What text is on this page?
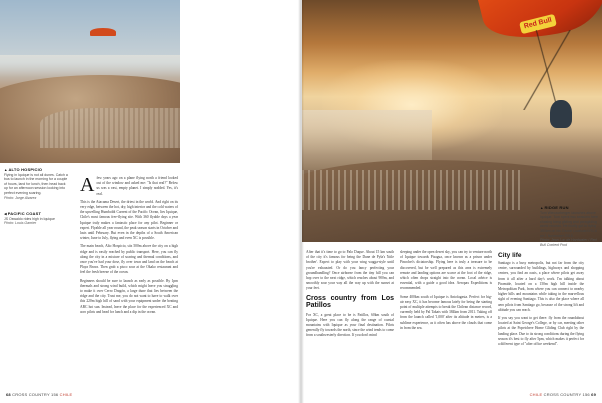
▲ ALTO HOSPICIO
Flying in Iquique is not all dunes. Catch a bus to launch in the morning for a couple of hours, land for lunch, then head back up for an afternoon session looking into perfect evening soaring.
Photo: Jorge Alvarez
◀ PACIFIC COAST
JS Oswaldo rides high in Iquique
Photo: Louis Garnier

Afew years ago on a plane flying north a friend looked out of the window and asked me: "Is that real?" Below us was a vast, empty planet. I simply nodded. Yes, it's real.

This is the Atacama Desert, the driest in the world. And right on its very edge, between the hot, dry, high interior and the cold waters of the upwelling Humboldt Current of the Pacific Ocean, lies Iquique, Chile's most famous free-flying site. With 360 flyable days a year Iquique truly makes a fantastic place for any pilot. Beginner or expert. Flyable all year round, the peak season starts in October and lasts until February. But even in the depths of a South American winter, June to July, flying and even XC is possible.

The main beach, Alto Hospicio, sits 500m above the city on a high ridge and is easily reached by public transport. Here, you can fly along the city in a mixture of soaring and thermal conditions, and once you've had your dose, fly over town and land on the beach at Playa Brava. Then grab a pisco sour at the Okako restaurant and feel the fresh breeze of the ocean.

Beginners should be sure to launch as early as possible. By 1pm thermals and strong wind build, which might leave you struggling to make it over Cerro Dragón, a large dune that lies between the ridge and the city. Trust me, you do not want to have to walk over this 220m high hill of sand with your equipment under the beating ABC hot sun. Instead, leave the place for the experienced XC and acro pilots and head for lunch and a dip in the ocean.

Red Bull

After that it's time to go to Palo Duque. About 15 km south of the city it's famous for being the Dune de Pyla's 'little brother'. Expect to play with your wing wagga-style until you're exhausted. Or do you fancy perfecting your groundhandling? Once airborne from the tiny hill you can hop over to the next ridge, which reaches about 900m, and smoothly soar your way all the way up with the sunset at your feet.

Cross country from Los Patillos

For XC, a great place to be is Patillos, 60km south of Iquique. Here you can fly along the range of coastal mountains with Iquique as your final destination. Pilots generally fly towards the north, since the wind tends to come from a southwesterly direction. If you don't mind

sleeping under the open desert sky, you can try to venture north of Iquique towards Pisagua, once known as a prison under Pinochet's dictatorship. Flying here is truly a treasure to be discovered, but be well prepared as this area is extremely remote and landing options are scarce at the foot of the ridge, which often drops straight into the ocean. Local advice is essential, with a guide a good idea. Aeropax Expeditions is recommended.

Some 400km south of Iquique is Antofagasta. Perfect for big-air easy XC, it has become famous lately for being the starting point of multiple attempts to break the Chilean distance record, currently held by Pal Takats with 384km from 2011. Taking off from the launch called '1,000' after its altitude in metres, is a sublime experience, as it often has above the clouds that come in from the sea.

City life

Santiago is a busy metropolis, but not far from the city centre, surrounded by buildings, highways and shopping centres, you find an oasis, a place where pilots get away from it all after a hard day's work. I'm talking about Piramide, located on a 150m high hill inside the Metropolitan Park, from where you can connect to nearby higher hills and mountains while taking in the marvellous sight of evening Santiago. This is also the place where all aero pilots from Santiago go, because of the strong lift and altitude you can reach.

If you say you want to get there: fly from the roundabout located at Saint George's College, or by car, meeting other pilots at the Popeichere Home Gliding Club right by the landing place. Due to its strong conditions during the flying season it's best to fly after 5pm, which makes it perfect for a different type of "after office weekend".

▲ RIDGE RUN
Tom Wieczorberger launches above Iquique. Tom spent two seasons here chasing hang gliding and paragliding world records. He finally got to flying 350km on his Ozone Lowboard R1.5 on 1 November 2015.
Photo: Jean Luc de Hardwater / Red Bull Content Pool
68 CROSS COUNTRY 156 CHILE	CHILE CROSS COUNTRY 156 69
